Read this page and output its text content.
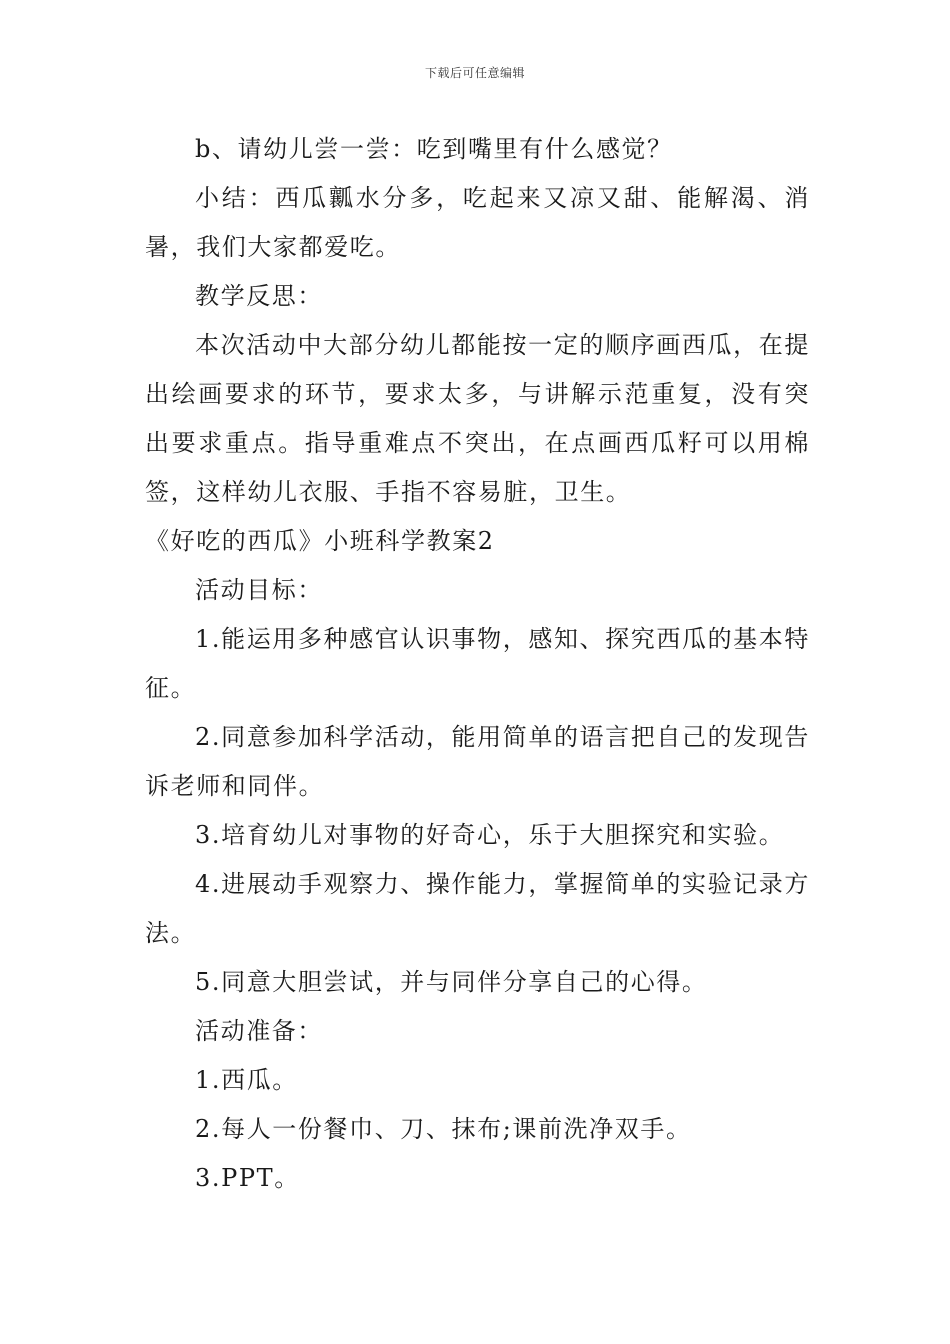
下载后可任意编辑

b、请幼儿尝一尝：吃到嘴里有什么感觉？

小结：西瓜瓤水分多，吃起来又凉又甜、能解渴、消暑，我们大家都爱吃。

教学反思：

本次活动中大部分幼儿都能按一定的顺序画西瓜，在提出绘画要求的环节，要求太多，与讲解示范重复，没有突出要求重点。指导重难点不突出，在点画西瓜籽可以用棉签，这样幼儿衣服、手指不容易脏，卫生。

《好吃的西瓜》小班科学教案2

活动目标：

1.能运用多种感官认识事物，感知、探究西瓜的基本特征。

2.同意参加科学活动，能用简单的语言把自己的发现告诉老师和同伴。

3.培育幼儿对事物的好奇心，乐于大胆探究和实验。

4.进展动手观察力、操作能力，掌握简单的实验记录方法。

5.同意大胆尝试，并与同伴分享自己的心得。

活动准备：

1.西瓜。

2.每人一份餐巾、刀、抹布;课前洗净双手。

3.PPT。
